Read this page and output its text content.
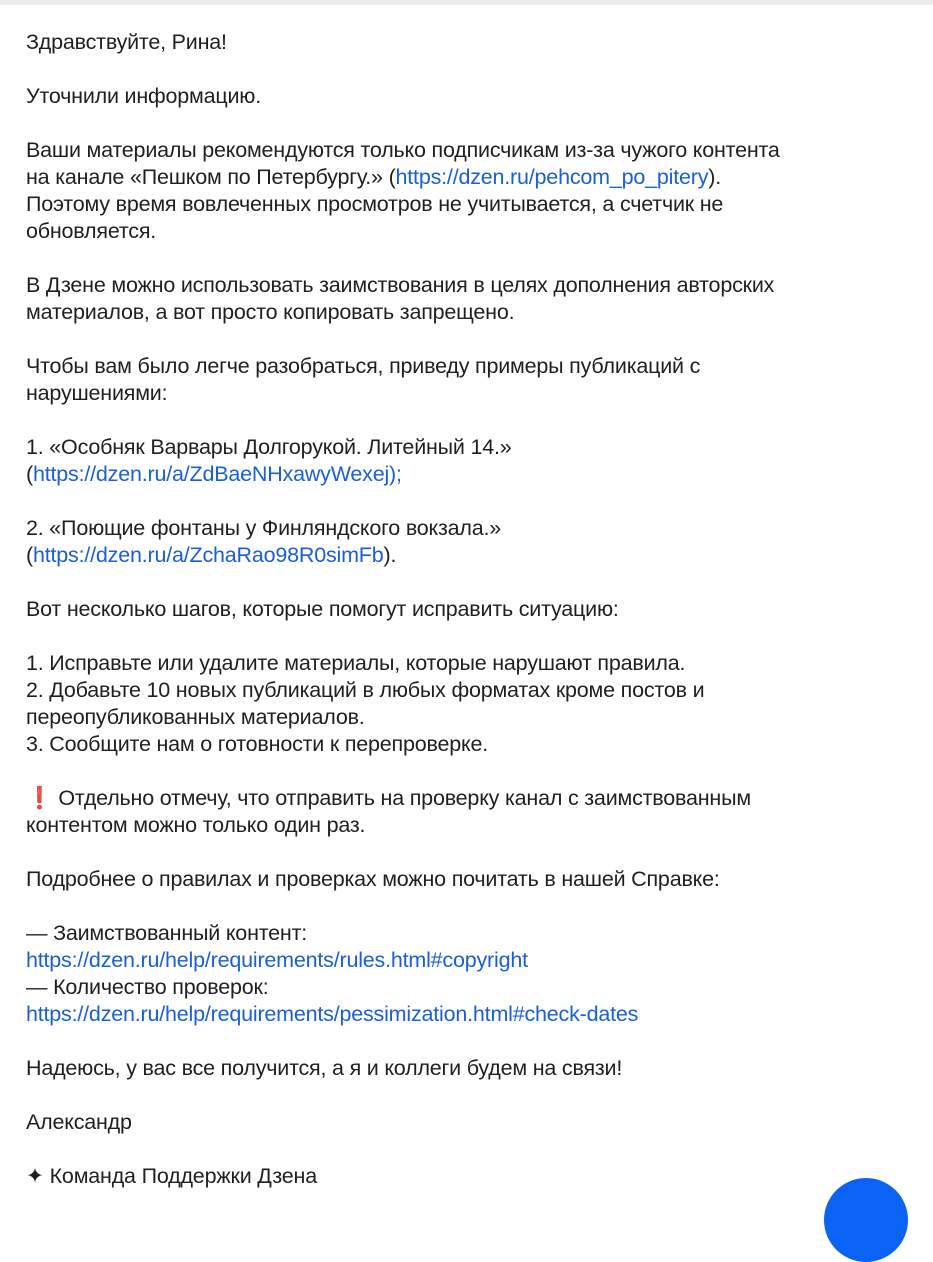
Здравствуйте, Рина!
Уточнили информацию.
Ваши материалы рекомендуются только подписчикам из-за чужого контента
на канале «Пешком по Петербургу.» (https://dzen.ru/pehcom_po_pitery).
Поэтому время вовлеченных просмотров не учитывается, а счетчик не
обновляется.
В Дзене можно использовать заимствования в целях дополнения авторских
материалов, а вот просто копировать запрещено.
Чтобы вам было легче разобраться, приведу примеры публикаций с
нарушениями:
1. «Особняк Варвары Долгорукой. Литейный 14.»
(https://dzen.ru/a/ZdBaeNHxawyWexej);
2. «Поющие фонтаны у Финляндского вокзала.»
(https://dzen.ru/a/ZchaRao98R0simFb).
Вот несколько шагов, которые помогут исправить ситуацию:
1. Исправьте или удалите материалы, которые нарушают правила.
2. Добавьте 10 новых публикаций в любых форматах кроме постов и
переопубликованных материалов.
3. Сообщите нам о готовности к перепроверке.
❗ Отдельно отмечу, что отправить на проверку канал с заимствованным
контентом можно только один раз.
Подробнее о правилах и проверках можно почитать в нашей Справке:
— Заимствованный контент:
https://dzen.ru/help/requirements/rules.html#copyright
— Количество проверок:
https://dzen.ru/help/requirements/pessimization.html#check-dates
Надеюсь, у вас все получится, а я и коллеги будем на связи!
Александр
✦ Команда Поддержки Дзена
